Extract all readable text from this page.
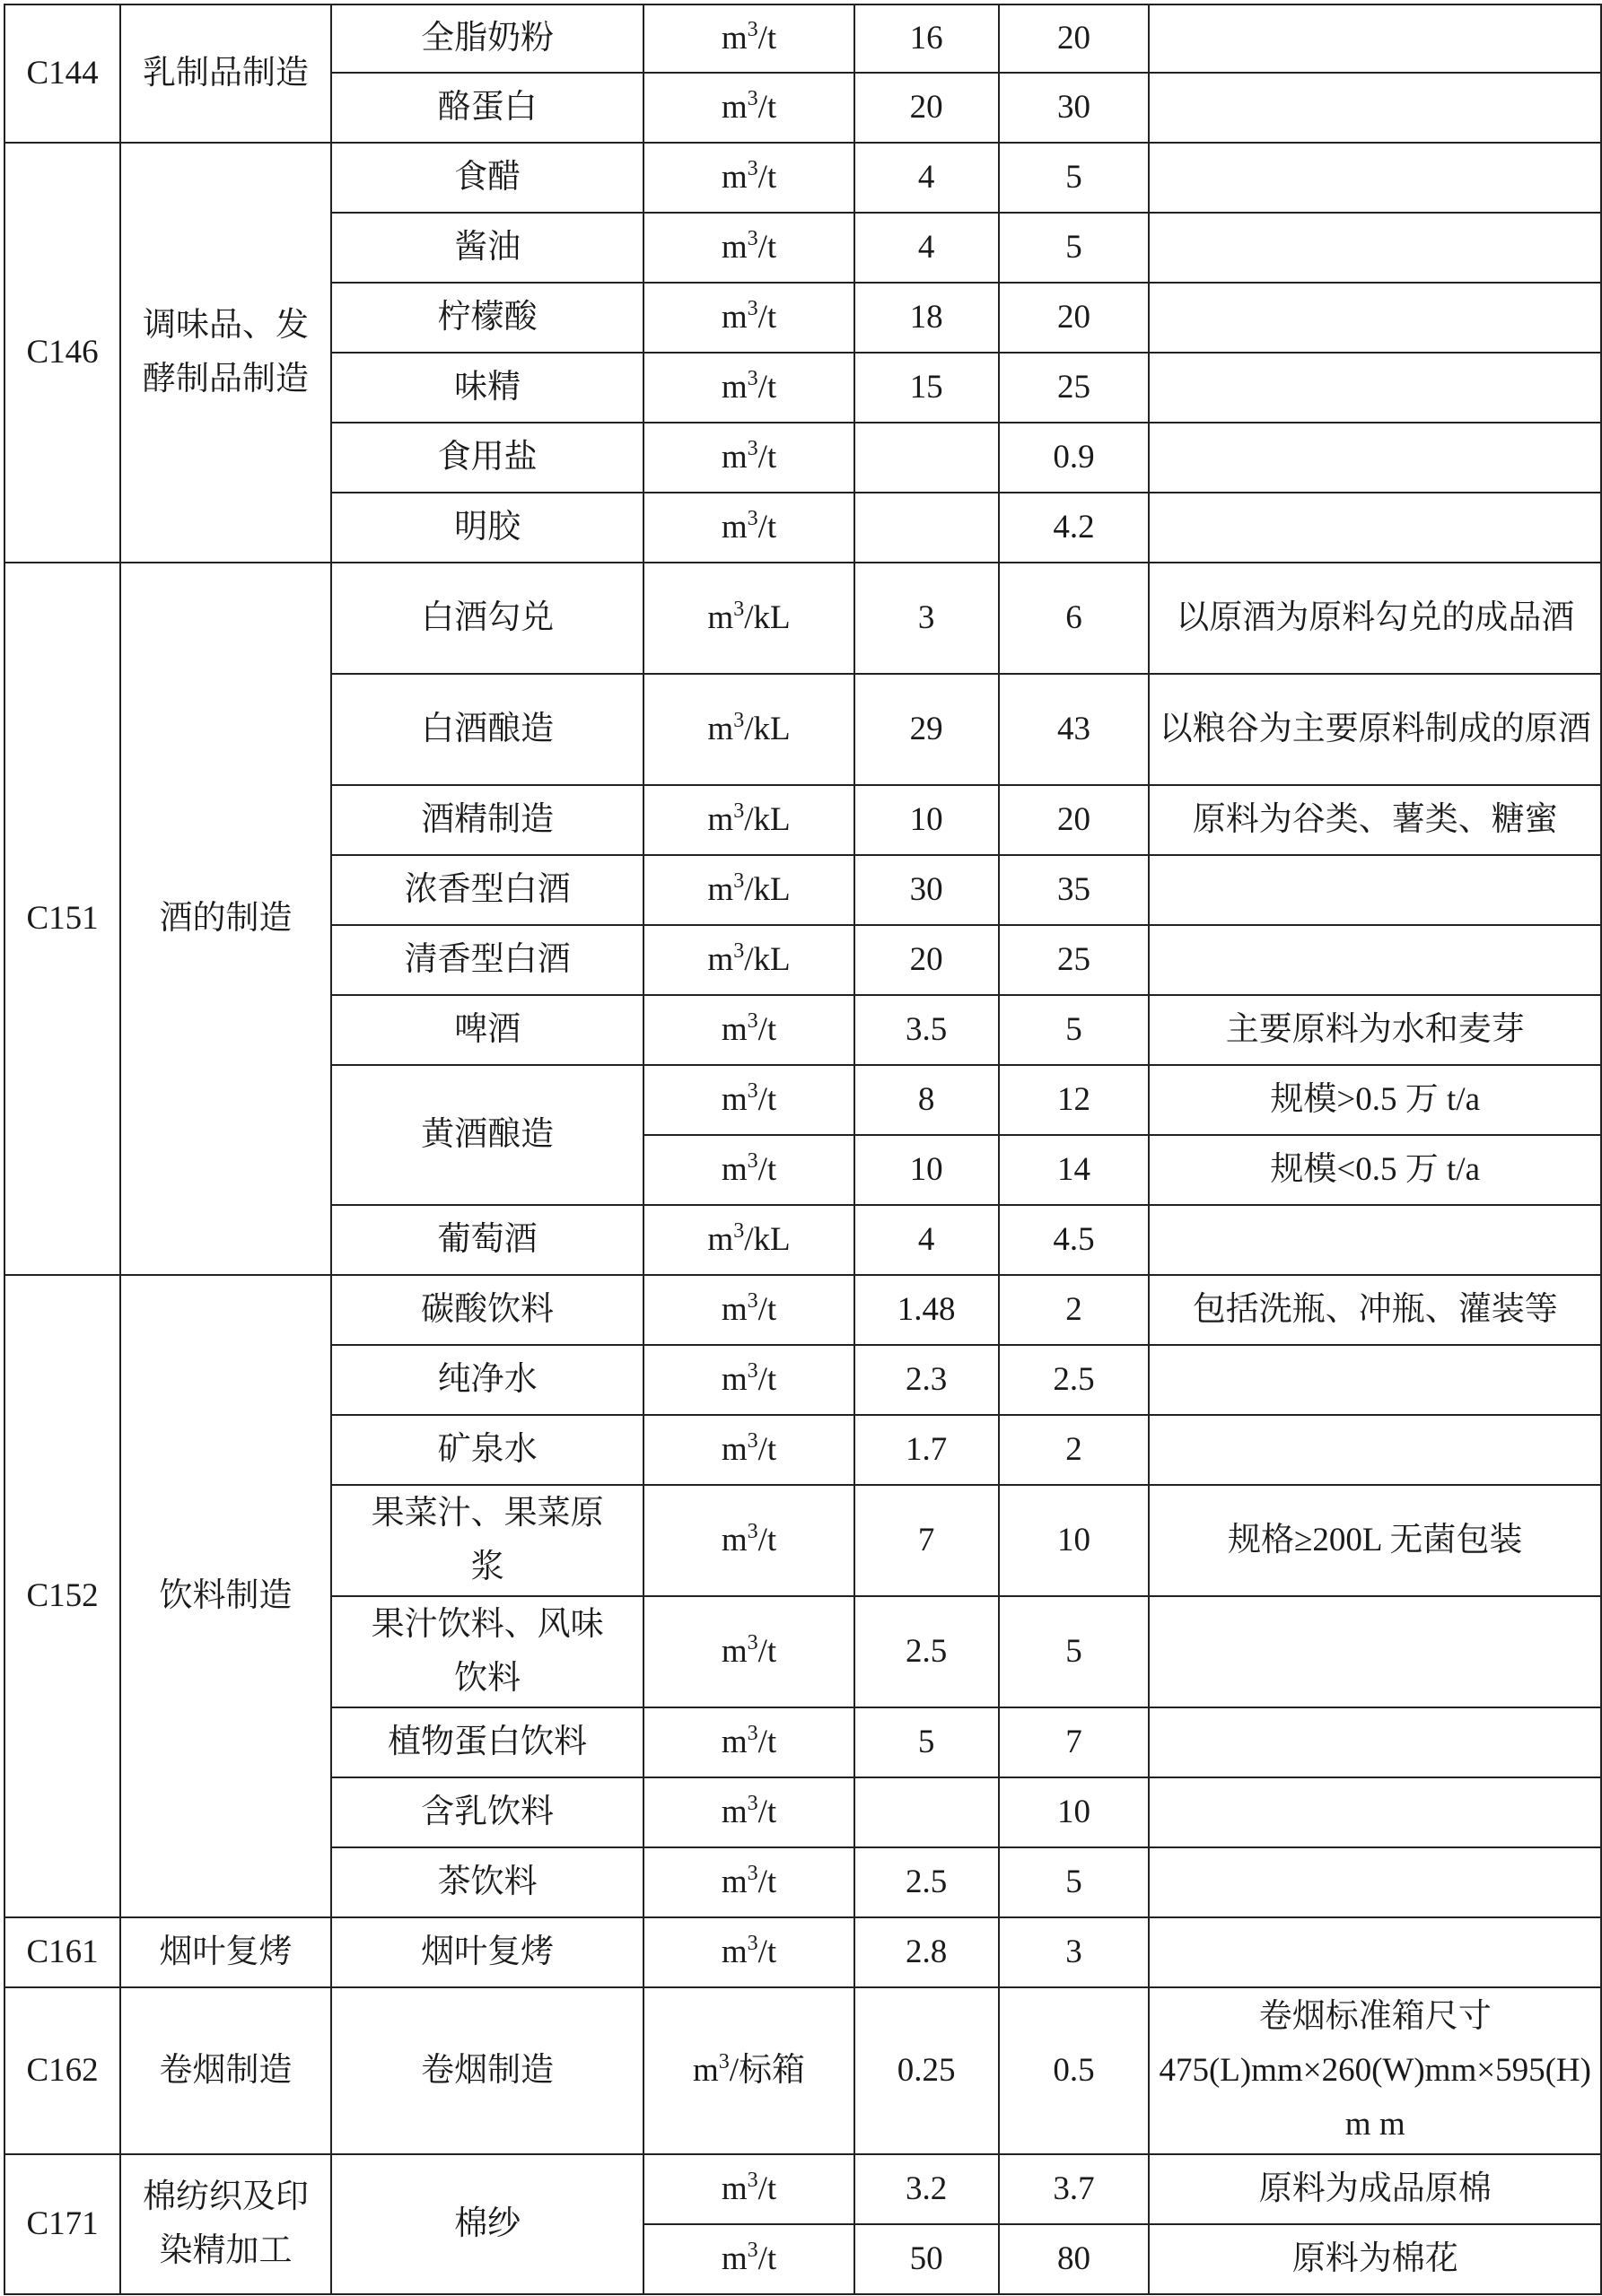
C144	乳制品制造	全脂奶粉	$m^3/t$	16	20	
		酪蛋白	$m^3/t$	20	30	
C146	调味品、发酵制品制造	食醋	$m^3/t$	4	5	
		酱油	$m^3/t$	4	5	
		柠檬酸	$m^3/t$	18	20	
		味精	$m^3/t$	15	25	
		食用盐	$m^3/t$		0.9	
		明胶	$m^3/t$		4.2	
C151	酒的制造	白酒勾兑	$m^3/kL$	3	6	以原酒为原料勾兑的成品酒
		白酒酿造	$m^3/kL$	29	43	以粮谷为主要原料制成的原酒
		酒精制造	$m^3/kL$	10	20	原料为谷类、薯类、糖蜜
		浓香型白酒	$m^3/kL$	30	35	
		清香型白酒	$m^3/kL$	20	25	
		啤酒	$m^3/t$	3.5	5	主要原料为水和麦芽
		黄酒酿造	$m^3/t$	8	12	规模>0.5 万 t/a
			$m^3/t$	10	14	规模<0.5 万 t/a
		葡萄酒	$m^3/kL$	4	4.5	
C152	饮料制造	碳酸饮料	$m^3/t$	1.48	2	包括洗瓶、冲瓶、灌装等
		纯净水	$m^3/t$	2.3	2.5	
		矿泉水	$m^3/t$	1.7	2	
		果菜汁、果菜原浆	$m^3/t$	7	10	规格≥200L 无菌包装
		果汁饮料、风味饮料	$m^3/t$	2.5	5	
		植物蛋白饮料	$m^3/t$	5	7	
		含乳饮料	$m^3/t$		10	
		茶饮料	$m^3/t$	2.5	5	
C161	烟叶复烤	烟叶复烤	$m^3/t$	2.8	3	
C162	卷烟制造	卷烟制造	$m^3/$标箱	0.25	0.5	卷烟标准箱尺寸475(L)mm×260(W)mm×595(H) m m
C171	棉纺织及印染精加工	棉纱	$m^3/t$	3.2	3.7	原料为成品原棉
			$m^3/t$	50	80	原料为棉花
